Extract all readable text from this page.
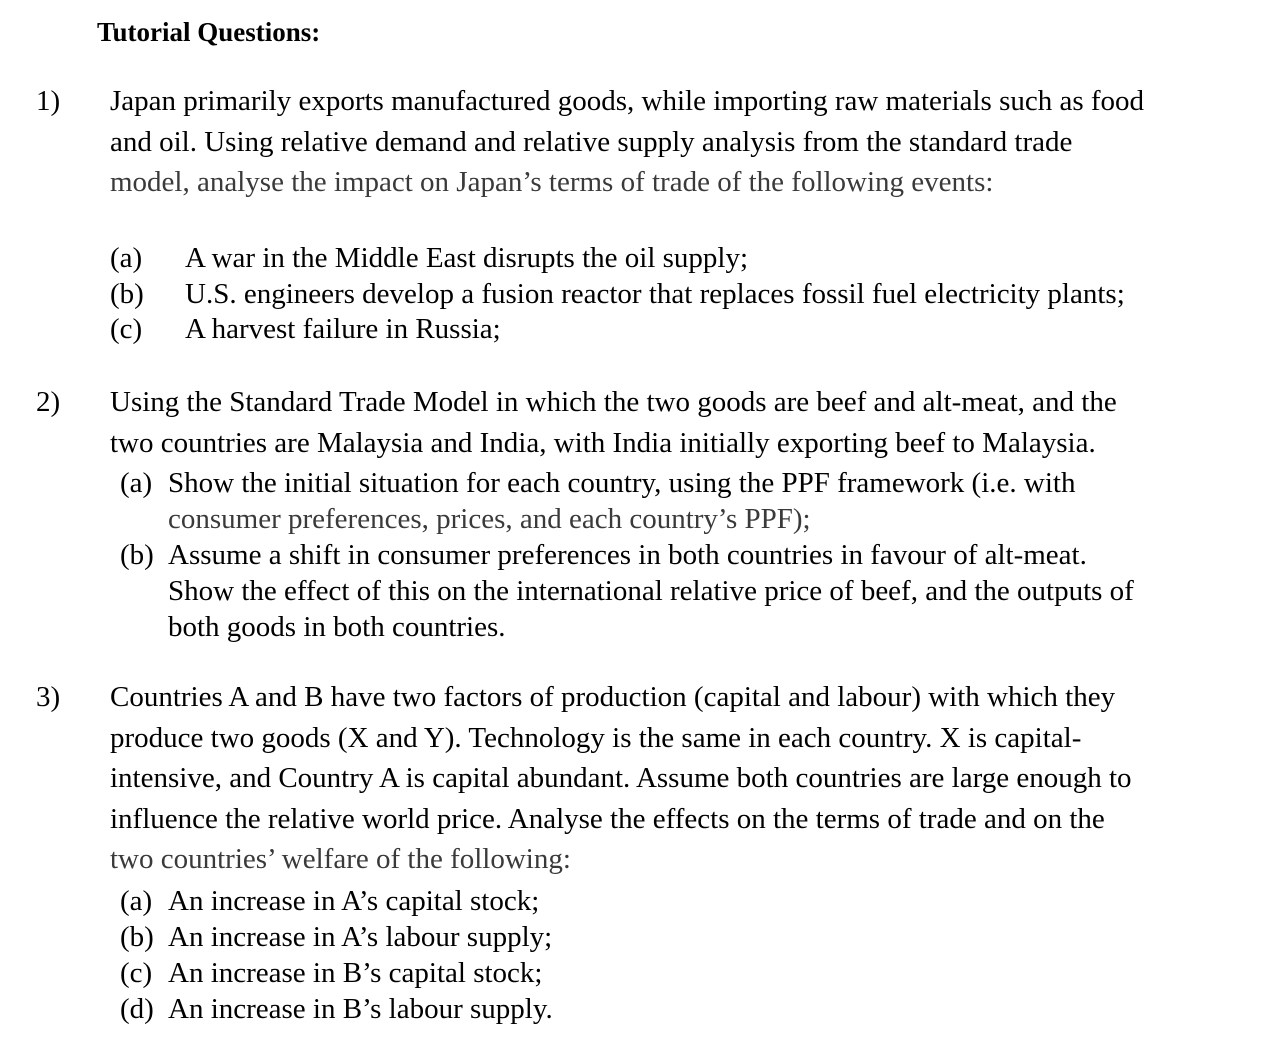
Tutorial Questions:
1) Japan primarily exports manufactured goods, while importing raw materials such as food
and oil. Using relative demand and relative supply analysis from the standard trade
model, analyse the impact on Japan’s terms of trade of the following events:
(a)	A war in the Middle East disrupts the oil supply;
(b)	U.S. engineers develop a fusion reactor that replaces fossil fuel electricity plants;
(c)	A harvest failure in Russia;
2) Using the Standard Trade Model in which the two goods are beef and alt-meat, and the
two countries are Malaysia and India, with India initially exporting beef to Malaysia.
(a) Show the initial situation for each country, using the PPF framework (i.e. with
consumer preferences, prices, and each country’s PPF);
(b) Assume a shift in consumer preferences in both countries in favour of alt-meat.
Show the effect of this on the international relative price of beef, and the outputs of
both goods in both countries.
3) Countries A and B have two factors of production (capital and labour) with which they
produce two goods (X and Y). Technology is the same in each country. X is capital-
intensive, and Country A is capital abundant. Assume both countries are large enough to
influence the relative world price. Analyse the effects on the terms of trade and on the
two countries’ welfare of the following:
(a) An increase in A’s capital stock;
(b) An increase in A’s labour supply;
(c) An increase in B’s capital stock;
(d) An increase in B’s labour supply.
